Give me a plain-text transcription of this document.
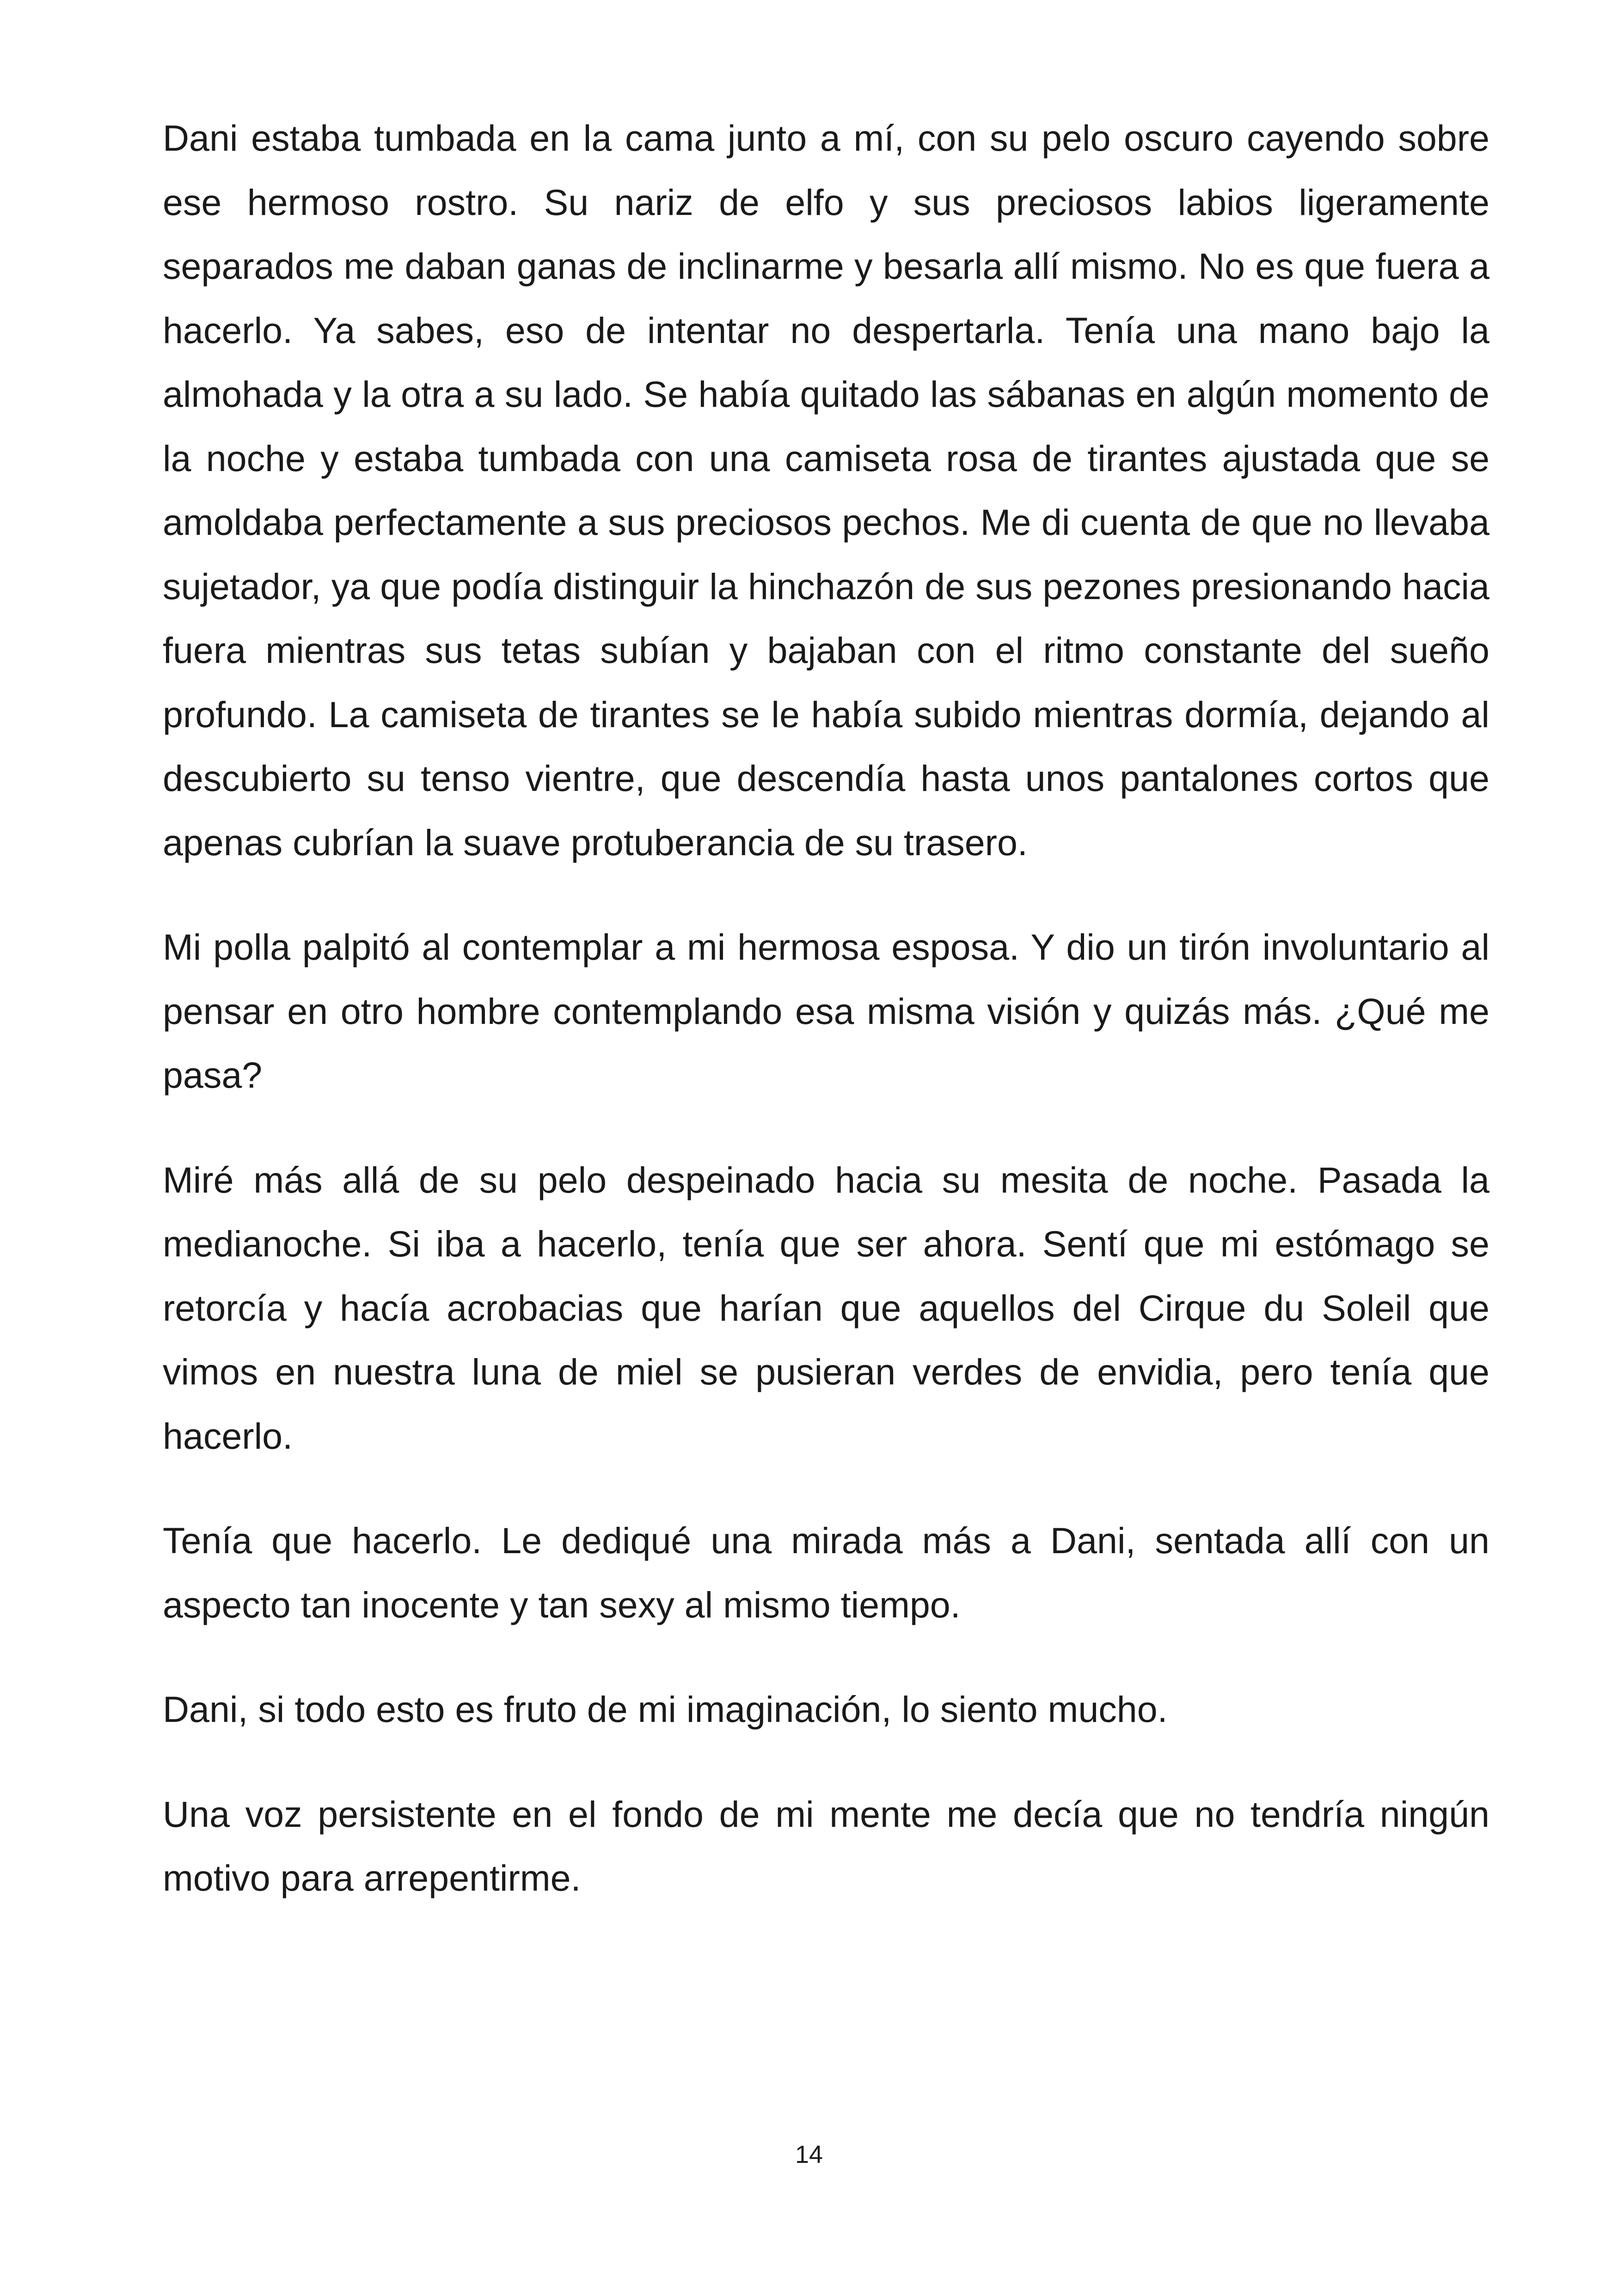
Dani estaba tumbada en la cama junto a mí, con su pelo oscuro cayendo sobre ese hermoso rostro. Su nariz de elfo y sus preciosos labios ligeramente separados me daban ganas de inclinarme y besarla allí mismo. No es que fuera a hacerlo. Ya sabes, eso de intentar no despertarla. Tenía una mano bajo la almohada y la otra a su lado. Se había quitado las sábanas en algún momento de la noche y estaba tumbada con una camiseta rosa de tirantes ajustada que se amoldaba perfectamente a sus preciosos pechos. Me di cuenta de que no llevaba sujetador, ya que podía distinguir la hinchazón de sus pezones presionando hacia fuera mientras sus tetas subían y bajaban con el ritmo constante del sueño profundo. La camiseta de tirantes se le había subido mientras dormía, dejando al descubierto su tenso vientre, que descendía hasta unos pantalones cortos que apenas cubrían la suave protuberancia de su trasero.

Mi polla palpitó al contemplar a mi hermosa esposa. Y dio un tirón involuntario al pensar en otro hombre contemplando esa misma visión y quizás más. ¿Qué me pasa?

Miré más allá de su pelo despeinado hacia su mesita de noche. Pasada la medianoche. Si iba a hacerlo, tenía que ser ahora. Sentí que mi estómago se retorcía y hacía acrobacias que harían que aquellos del Cirque du Soleil que vimos en nuestra luna de miel se pusieran verdes de envidia, pero tenía que hacerlo.

Tenía que hacerlo. Le dediqué una mirada más a Dani, sentada allí con un aspecto tan inocente y tan sexy al mismo tiempo.

Dani, si todo esto es fruto de mi imaginación, lo siento mucho.

Una voz persistente en el fondo de mi mente me decía que no tendría ningún motivo para arrepentirme.

14
